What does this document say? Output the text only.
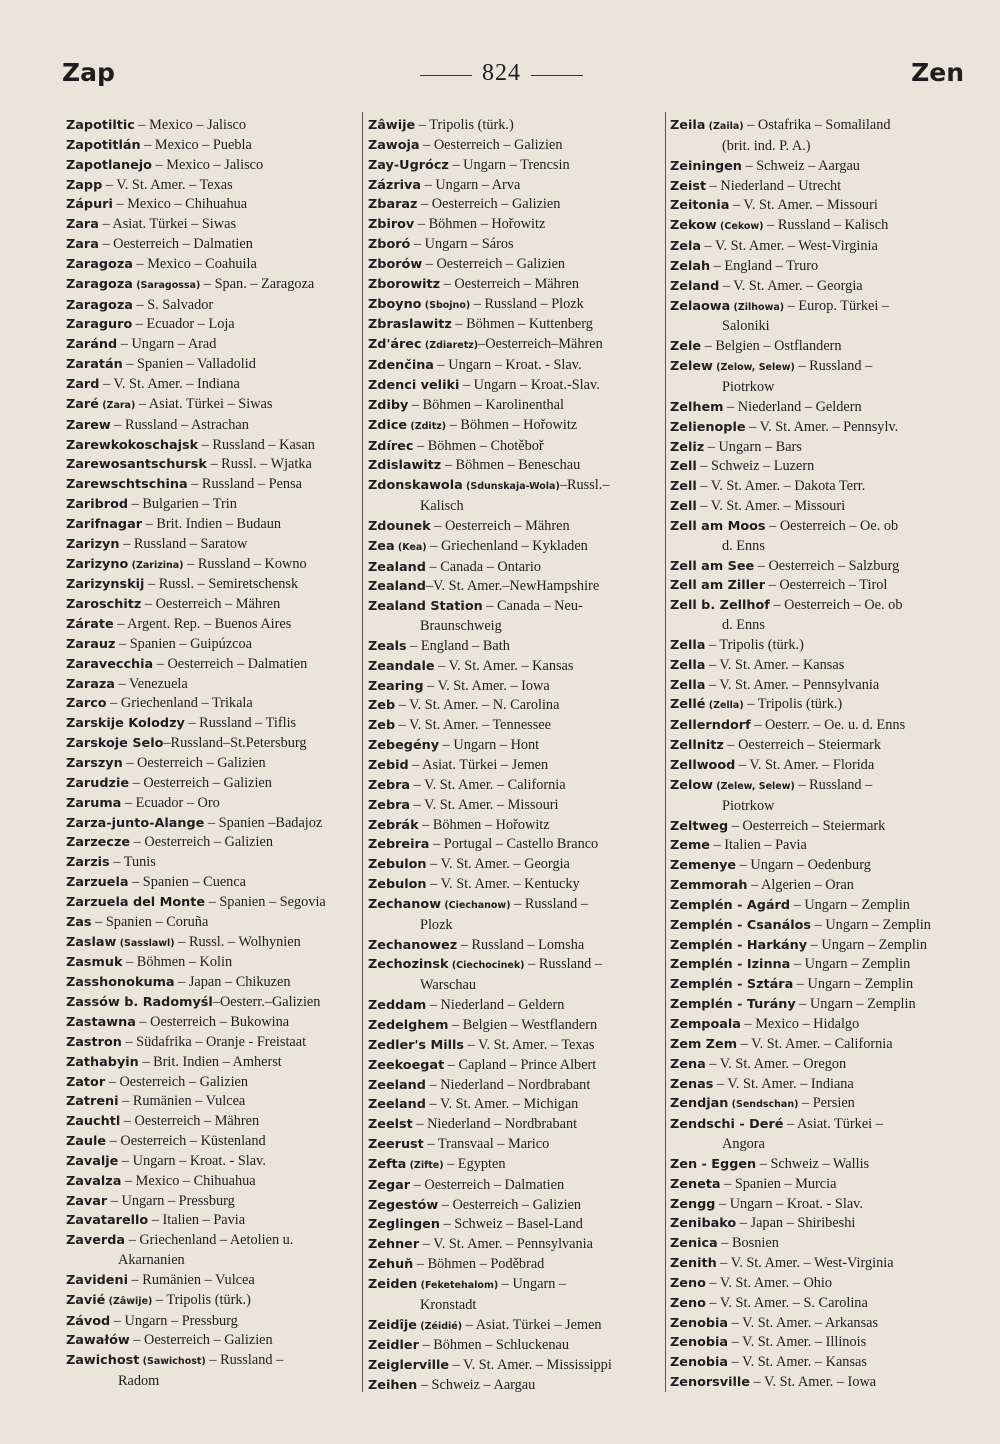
Zap	824	Zen
Zapotiltic – Mexico – Jalisco
Zapotitlán – Mexico – Puebla
Zapotlanejo – Mexico – Jalisco
Zapp – V. St. Amer. – Texas
Zápuri – Mexico – Chihuahua
Zara – Asiat. Türkei – Siwas
Zara – Oesterreich – Dalmatien
Zaragoza – Mexico – Coahuila
Zaragoza (Saragossa) – Span. – Zaragoza
Zaragoza – S. Salvador
Zaraguro – Ecuador – Loja
Zaránd – Ungarn – Arad
Zaratán – Spanien – Valladolid
Zard – V. St. Amer. – Indiana
Zaré (Zara) – Asiat. Türkei – Siwas
Zarew – Russland – Astrachan
Zarewkokoschajsk – Russland – Kasan
Zarewosantschursk – Russl. – Wjatka
Zarewschtschina – Russland – Pensa
Zaribrod – Bulgarien – Trin
Zarifnagar – Brit. Indien – Budaun
Zarizyn – Russland – Saratow
Zarizyno (Zarizina) – Russland – Kowno
Zarizynskij – Russl. – Semiretschensk
Zaroschitz – Oesterreich – Mähren
Zárate – Argent. Rep. – Buenos Aires
Zarauz – Spanien – Guipúzcoa
Zaravecchia – Oesterreich – Dalmatien
Zaraza – Venezuela
Zarco – Griechenland – Trikala
Zarskije Kolodzy – Russland – Tiflis
Zarskoje Selo–Russland–St.Petersburg
Zarszyn – Oesterreich – Galizien
Zarudzie – Oesterreich – Galizien
Zaruma – Ecuador – Oro
Zarza-junto-Alange – Spanien –Badajoz
Zarzecze – Oesterreich – Galizien
Zarzis – Tunis
Zarzuela – Spanien – Cuenca
Zarzuela del Monte – Spanien – Segovia
Zas – Spanien – Coruña
Zaslaw (Sasslawl) – Russl. – Wolhynien
Zasmuk – Böhmen – Kolin
Zasshonokuma – Japan – Chikuzen
Zassów b. Radomyśl–Oesterr.–Galizien
Zastawna – Oesterreich – Bukowina
Zastron – Südafrika – Oranje - Freistaat
Zathabyin – Brit. Indien – Amherst
Zator – Oesterreich – Galizien
Zatreni – Rumänien – Vulcea
Zauchtl – Oesterreich – Mähren
Zaule – Oesterreich – Küstenland
Zavalje – Ungarn – Kroat. - Slav.
Zavalza – Mexico – Chihuahua
Zavar – Ungarn – Pressburg
Zavatarello – Italien – Pavia
Zaverda – Griechenland – Aetolien u.
Akarnanien
Zavideni – Rumänien – Vulcea
Zavié (Zâwije) – Tripolis (türk.)
Závod – Ungarn – Pressburg
Zawałów – Oesterreich – Galizien
Zawichost (Sawichost) – Russland –
Radom
Zâwije – Tripolis (türk.)
Zawoja – Oesterreich – Galizien
Zay-Ugrócz – Ungarn – Trencsin
Zázriva – Ungarn – Arva
Zbaraz – Oesterreich – Galizien
Zbirov – Böhmen – Hořowitz
Zboró – Ungarn – Sáros
Zborów – Oesterreich – Galizien
Zborowitz – Oesterreich – Mähren
Zboyno (Sbojno) – Russland – Plozk
Zbraslawitz – Böhmen – Kuttenberg
Zd'árec (Zdiaretz)–Oesterreich–Mähren
Zdenčina – Ungarn – Kroat. - Slav.
Zdenci veliki – Ungarn – Kroat.-Slav.
Zdiby – Böhmen – Karolinenthal
Zdice (Zditz) – Böhmen – Hořowitz
Zdírec – Böhmen – Chotěboř
Zdislawitz – Böhmen – Beneschau
Zdonskawola (Sdunskaja-Wola)–Russl.–
Kalisch
Zdounek – Oesterreich – Mähren
Zea (Kea) – Griechenland – Kykladen
Zealand – Canada – Ontario
Zealand–V. St. Amer.–NewHampshire
Zealand Station – Canada – Neu-
Braunschweig
Zeals – England – Bath
Zeandale – V. St. Amer. – Kansas
Zearing – V. St. Amer. – Iowa
Zeb – V. St. Amer. – N. Carolina
Zeb – V. St. Amer. – Tennessee
Zebegény – Ungarn – Hont
Zebid – Asiat. Türkei – Jemen
Zebra – V. St. Amer. – California
Zebra – V. St. Amer. – Missouri
Zebrák – Böhmen – Hořowitz
Zebreira – Portugal – Castello Branco
Zebulon – V. St. Amer. – Georgia
Zebulon – V. St. Amer. – Kentucky
Zechanow (Ciechanow) – Russland –
Plozk
Zechanowez – Russland – Lomsha
Zechozinsk (Ciechocinek) – Russland –
Warschau
Zeddam – Niederland – Geldern
Zedelghem – Belgien – Westflandern
Zedler's Mills – V. St. Amer. – Texas
Zeekoegat – Capland – Prince Albert
Zeeland – Niederland – Nordbrabant
Zeeland – V. St. Amer. – Michigan
Zeelst – Niederland – Nordbrabant
Zeerust – Transvaal – Marico
Zefta (Zifte) – Egypten
Zegar – Oesterreich – Dalmatien
Zegestów – Oesterreich – Galizien
Zeglingen – Schweiz – Basel-Land
Zehner – V. St. Amer. – Pennsylvania
Zehuň – Böhmen – Poděbrad
Zeiden (Feketehalom) – Ungarn –
Kronstadt
Zeidîje (Zéidié) – Asiat. Türkei – Jemen
Zeidler – Böhmen – Schluckenau
Zeiglerville – V. St. Amer. – Mississippi
Zeihen – Schweiz – Aargau
Zeila (Zaila) – Ostafrika – Somaliland
(brit. ind. P. A.)
Zeiningen – Schweiz – Aargau
Zeist – Niederland – Utrecht
Zeitonia – V. St. Amer. – Missouri
Zekow (Cekow) – Russland – Kalisch
Zela – V. St. Amer. – West-Virginia
Zelah – England – Truro
Zeland – V. St. Amer. – Georgia
Zelaowa (Zilhowa) – Europ. Türkei –
Saloniki
Zele – Belgien – Ostflandern
Zelew (Zelow, Selew) – Russland –
Piotrkow
Zelhem – Niederland – Geldern
Zelienople – V. St. Amer. – Pennsylv.
Zeliz – Ungarn – Bars
Zell – Schweiz – Luzern
Zell – V. St. Amer. – Dakota Terr.
Zell – V. St. Amer. – Missouri
Zell am Moos – Oesterreich – Oe. ob
d. Enns
Zell am See – Oesterreich – Salzburg
Zell am Ziller – Oesterreich – Tirol
Zell b. Zellhof – Oesterreich – Oe. ob
d. Enns
Zella – Tripolis (türk.)
Zella – V. St. Amer. – Kansas
Zella – V. St. Amer. – Pennsylvania
Zellé (Zella) – Tripolis (türk.)
Zellerndorf – Oesterr. – Oe. u. d. Enns
Zellnitz – Oesterreich – Steiermark
Zellwood – V. St. Amer. – Florida
Zelow (Zelew, Selew) – Russland –
Piotrkow
Zeltweg – Oesterreich – Steiermark
Zeme – Italien – Pavia
Zemenye – Ungarn – Oedenburg
Zemmorah – Algerien – Oran
Zemplén - Agárd – Ungarn – Zemplin
Zemplén - Csanálos – Ungarn – Zemplin
Zemplén - Harkány – Ungarn – Zemplin
Zemplén - Izinna – Ungarn – Zemplin
Zemplén - Sztára – Ungarn – Zemplin
Zemplén - Turány – Ungarn – Zemplin
Zempoala – Mexico – Hidalgo
Zem Zem – V. St. Amer. – California
Zena – V. St. Amer. – Oregon
Zenas – V. St. Amer. – Indiana
Zendjan (Sendschan) – Persien
Zendschi - Deré – Asiat. Türkei –
Angora
Zen - Eggen – Schweiz – Wallis
Zeneta – Spanien – Murcia
Zengg – Ungarn – Kroat. - Slav.
Zenibako – Japan – Shiribeshi
Zenica – Bosnien
Zenith – V. St. Amer. – West-Virginia
Zeno – V. St. Amer. – Ohio
Zeno – V. St. Amer. – S. Carolina
Zenobia – V. St. Amer. – Arkansas
Zenobia – V. St. Amer. – Illinois
Zenobia – V. St. Amer. – Kansas
Zenorsville – V. St. Amer. – Iowa
